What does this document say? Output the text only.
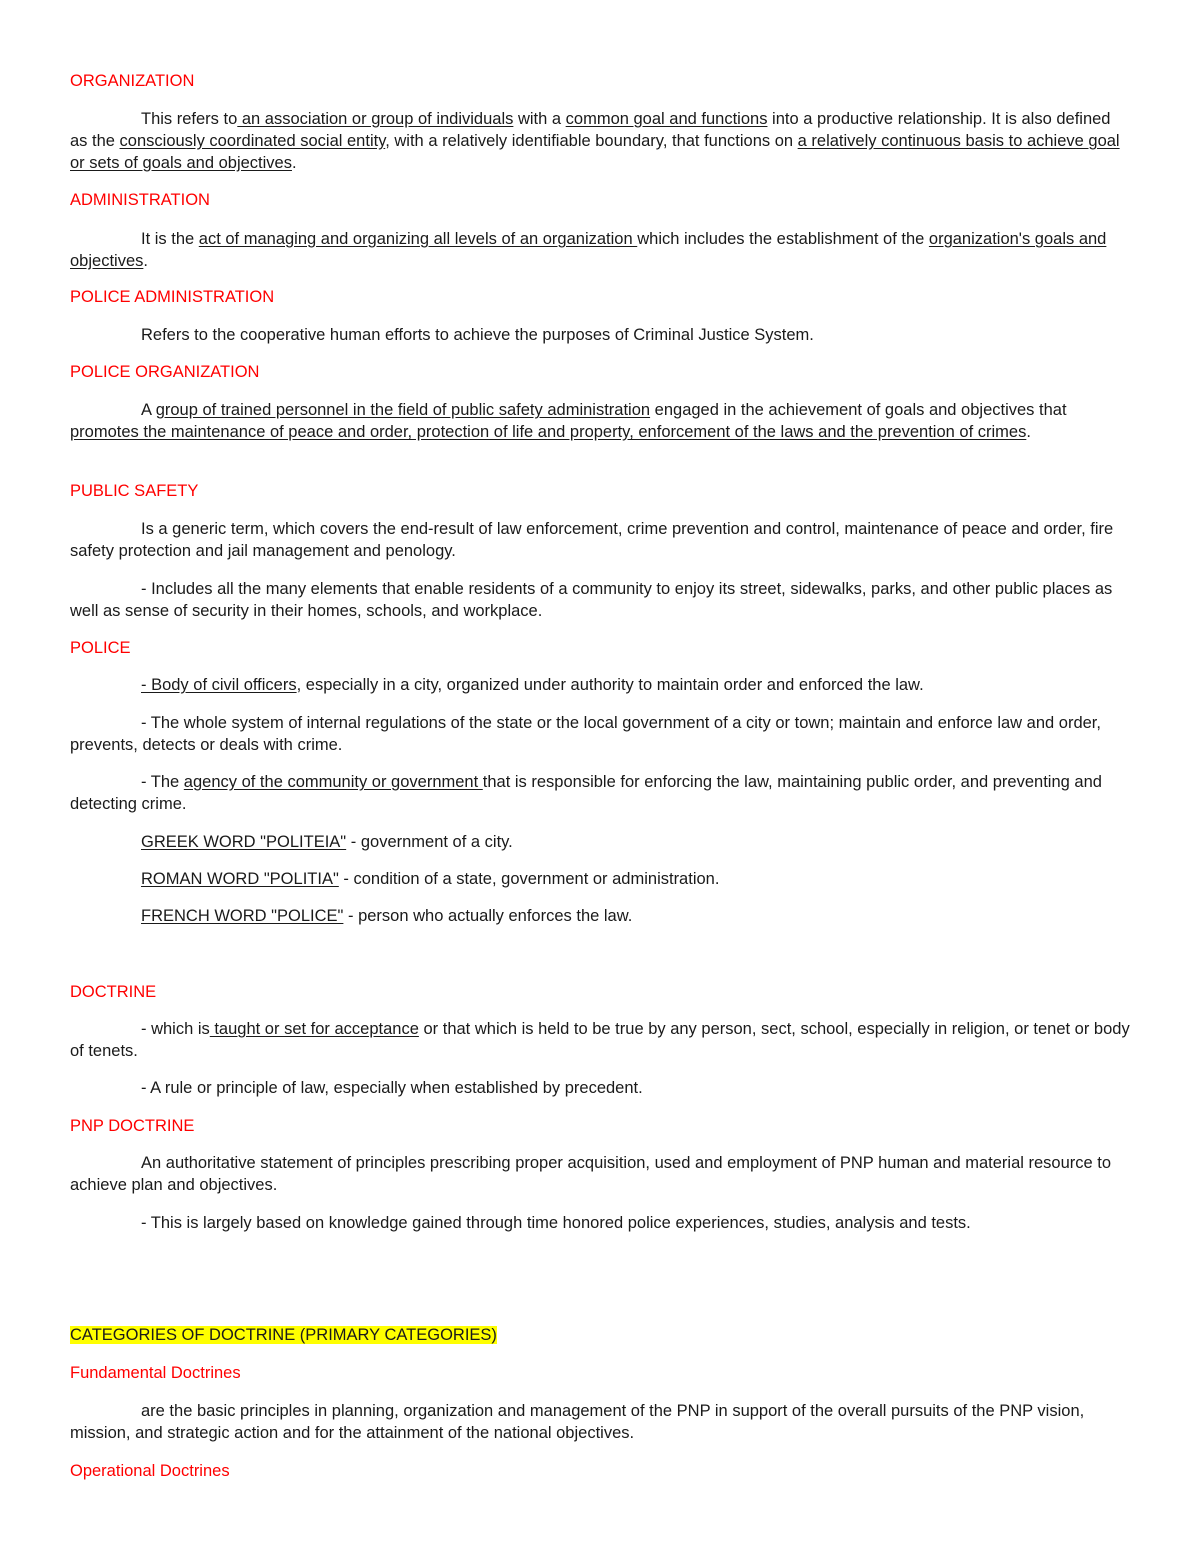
ORGANIZATION

This refers to an association or group of individuals with a common goal and functions into a productive relationship. It is also defined as the consciously coordinated social entity, with a relatively identifiable boundary, that functions on a relatively continuous basis to achieve goal or sets of goals and objectives.

ADMINISTRATION

It is the act of managing and organizing all levels of an organization which includes the establishment of the organization's goals and objectives.

POLICE ADMINISTRATION

Refers to the cooperative human efforts to achieve the purposes of Criminal Justice System.

POLICE ORGANIZATION

A group of trained personnel in the field of public safety administration engaged in the achievement of goals and objectives that promotes the maintenance of peace and order, protection of life and property, enforcement of the laws and the prevention of crimes.

PUBLIC SAFETY

Is a generic term, which covers the end-result of law enforcement, crime prevention and control, maintenance of peace and order, fire safety protection and jail management and penology.

- Includes all the many elements that enable residents of a community to enjoy its street, sidewalks, parks, and other public places as well as sense of security in their homes, schools, and workplace.

POLICE

- Body of civil officers, especially in a city, organized under authority to maintain order and enforced the law.

- The whole system of internal regulations of the state or the local government of a city or town; maintain and enforce law and order, prevents, detects or deals with crime.

- The agency of the community or government that is responsible for enforcing the law, maintaining public order, and preventing and detecting crime.

GREEK WORD "POLITEIA" - government of a city.

ROMAN WORD "POLITIA" - condition of a state, government or administration.

FRENCH WORD "POLICE" - person who actually enforces the law.

DOCTRINE

- which is taught or set for acceptance or that which is held to be true by any person, sect, school, especially in religion, or tenet or body of tenets.

- A rule or principle of law, especially when established by precedent.

PNP DOCTRINE

An authoritative statement of principles prescribing proper acquisition, used and employment of PNP human and material resource to achieve plan and objectives.

- This is largely based on knowledge gained through time honored police experiences, studies, analysis and tests.

CATEGORIES OF DOCTRINE (PRIMARY CATEGORIES)
Fundamental Doctrines

are the basic principles in planning, organization and management of the PNP in support of the overall pursuits of the PNP vision, mission, and strategic action and for the attainment of the national objectives.

Operational Doctrines
